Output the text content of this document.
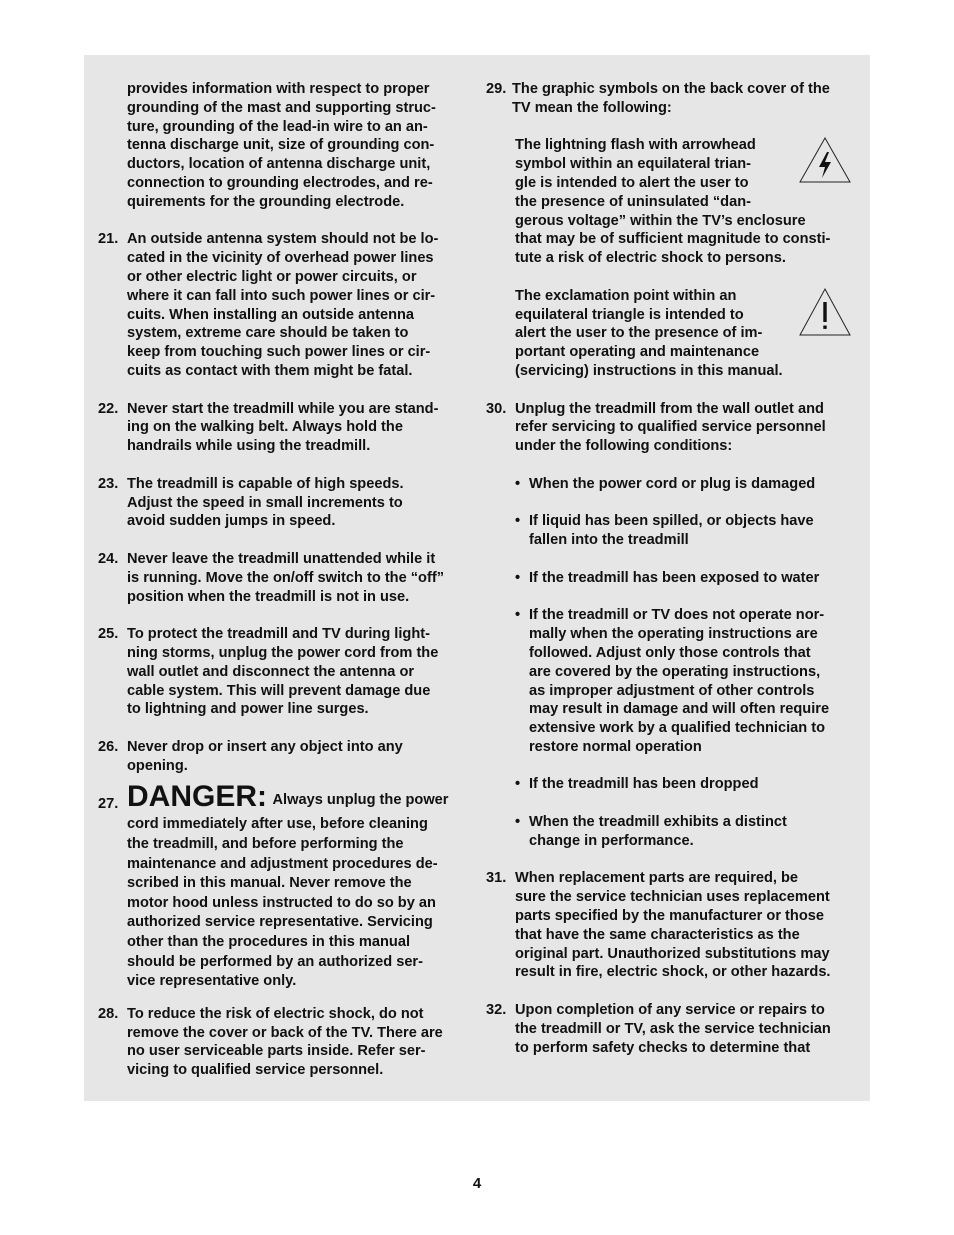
provides information with respect to proper
grounding of the mast and supporting struc-
ture, grounding of the lead-in wire to an an-
tenna discharge unit, size of grounding con-
ductors, location of antenna discharge unit,
connection to grounding electrodes, and re-
quirements for the grounding electrode.

21. An outside antenna system should not be lo-
cated in the vicinity of overhead power lines
or other electric light or power circuits, or
where it can fall into such power lines or cir-
cuits. When installing an outside antenna
system, extreme care should be taken to
keep from touching such power lines or cir-
cuits as contact with them might be fatal.
22. Never start the treadmill while you are stand-
ing on the walking belt. Always hold the
handrails while using the treadmill.
23. The treadmill is capable of high speeds.
Adjust the speed in small increments to
avoid sudden jumps in speed.
24. Never leave the treadmill unattended while it
is running. Move the on/off switch to the “off”
position when the treadmill is not in use.
25. To protect the treadmill and TV during light-
ning storms, unplug the power cord from the
wall outlet and disconnect the antenna or
cable system. This will prevent damage due
to lightning and power line surges.
26. Never drop or insert any object into any
opening.
27. DANGER: Always unplug the power
cord immediately after use, before cleaning
the treadmill, and before performing the
maintenance and adjustment procedures de-
scribed in this manual. Never remove the
motor hood unless instructed to do so by an
authorized service representative. Servicing
other than the procedures in this manual
should be performed by an authorized ser-
vice representative only.
28. To reduce the risk of electric shock, do not
remove the cover or back of the TV. There are
no user serviceable parts inside. Refer ser-
vicing to qualified service personnel.
29. The graphic symbols on the back cover of the
TV mean the following:
The lightning flash with arrowhead
symbol within an equilateral trian-
gle is intended to alert the user to
the presence of uninsulated “dan-
gerous voltage” within the TV’s enclosure
that may be of sufficient magnitude to consti-
tute a risk of electric shock to persons.
The exclamation point within an
equilateral triangle is intended to
alert the user to the presence of im-
portant operating and maintenance
(servicing) instructions in this manual.
30. Unplug the treadmill from the wall outlet and
refer servicing to qualified service personnel
under the following conditions:
• When the power cord or plug is damaged
• If liquid has been spilled, or objects have
fallen into the treadmill
• If the treadmill has been exposed to water
• If the treadmill or TV does not operate nor-
mally when the operating instructions are
followed. Adjust only those controls that
are covered by the operating instructions,
as improper adjustment of other controls
may result in damage and will often require
extensive work by a qualified technician to
restore normal operation
• If the treadmill has been dropped
• When the treadmill exhibits a distinct
change in performance.
31. When replacement parts are required, be
sure the service technician uses replacement
parts specified by the manufacturer or those
that have the same characteristics as the
original part. Unauthorized substitutions may
result in fire, electric shock, or other hazards.
32. Upon completion of any service or repairs to
the treadmill or TV, ask the service technician
to perform safety checks to determine that
4
